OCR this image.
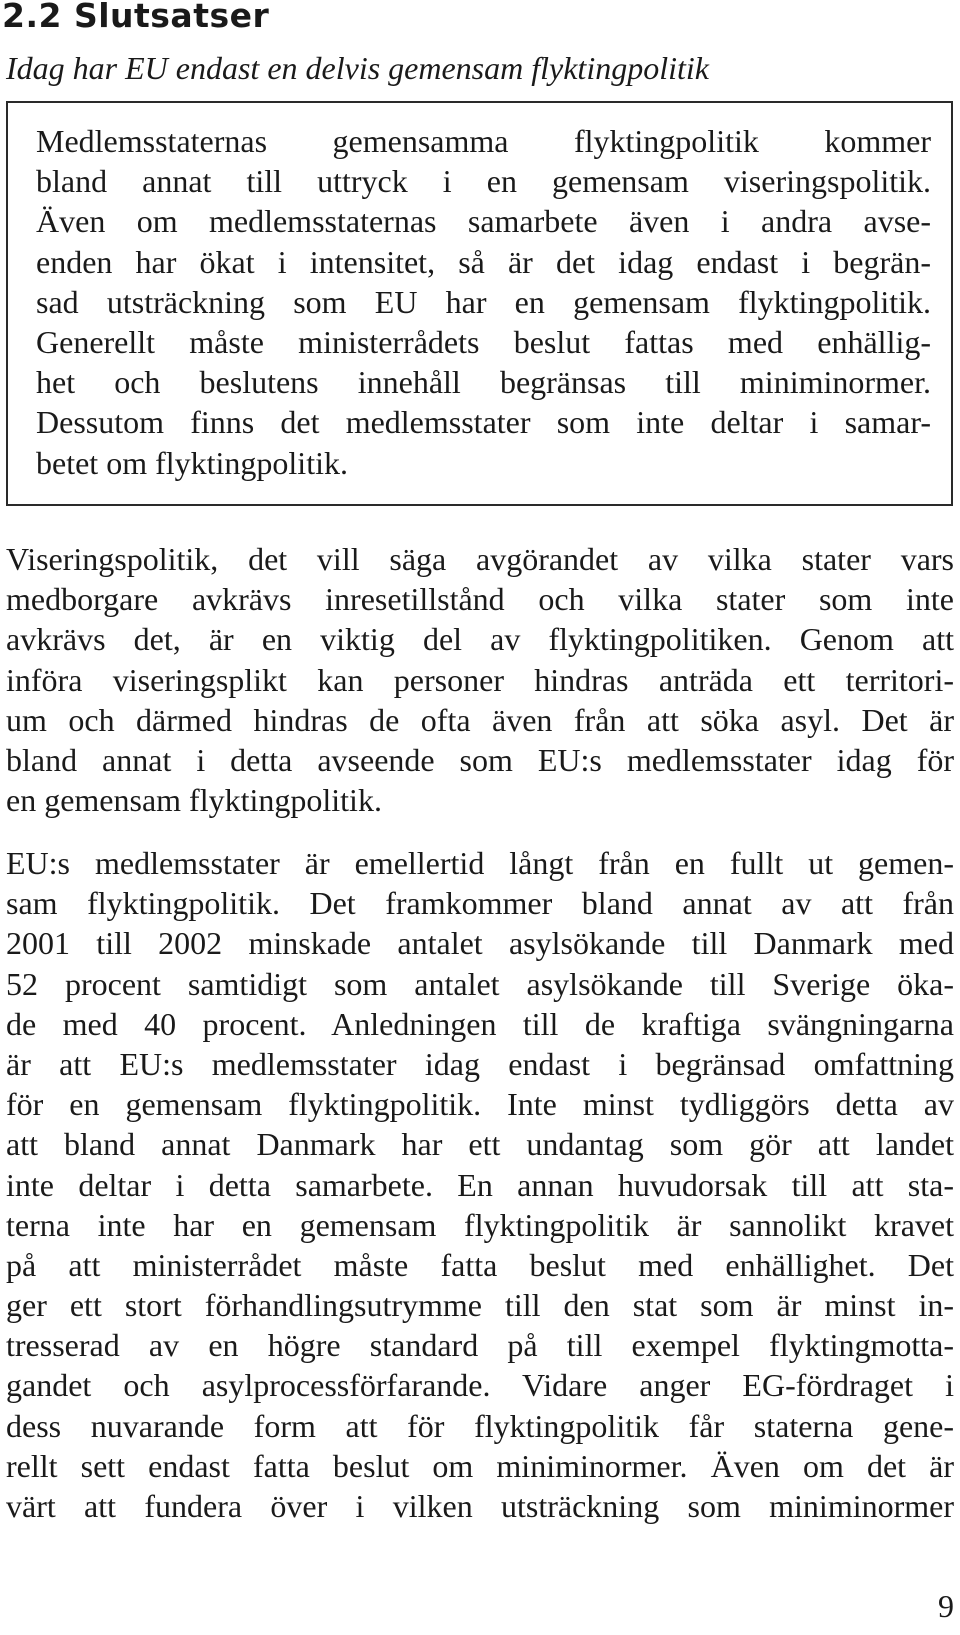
2.2 Slutsatser
Idag har EU endast en delvis gemensam flyktingpolitik
Medlemsstaternas gemensamma flyktingpolitik kommer
bland annat till uttryck i en gemensam viseringspolitik.
Även om medlemsstaternas samarbete även i andra avse-
enden har ökat i intensitet, så är det idag endast i begrän-
sad utsträckning som EU har en gemensam flyktingpolitik.
Generellt måste ministerrådets beslut fattas med enhällig-
het och beslutens innehåll begränsas till miniminormer.
Dessutom finns det medlemsstater som inte deltar i samar-
betet om flyktingpolitik.
Viseringspolitik, det vill säga avgörandet av vilka stater vars
medborgare avkrävs inresetillstånd och vilka stater som inte
avkrävs det, är en viktig del av flyktingpolitiken. Genom att
införa viseringsplikt kan personer hindras anträda ett territori-
um och därmed hindras de ofta även från att söka asyl. Det är
bland annat i detta avseende som EU:s medlemsstater idag för
en gemensam flyktingpolitik.
EU:s medlemsstater är emellertid långt från en fullt ut gemen-
sam flyktingpolitik. Det framkommer bland annat av att från
2001 till 2002 minskade antalet asylsökande till Danmark med
52 procent samtidigt som antalet asylsökande till Sverige öka-
de med 40 procent. Anledningen till de kraftiga svängningarna
är att EU:s medlemsstater idag endast i begränsad omfattning
för en gemensam flyktingpolitik. Inte minst tydliggörs detta av
att bland annat Danmark har ett undantag som gör att landet
inte deltar i detta samarbete. En annan huvudorsak till att sta-
terna inte har en gemensam flyktingpolitik är sannolikt kravet
på att ministerrådet måste fatta beslut med enhällighet. Det
ger ett stort förhandlingsutrymme till den stat som är minst in-
tresserad av en högre standard på till exempel flyktingmotta-
gandet och asylprocessförfarande. Vidare anger EG-fördraget i
dess nuvarande form att för flyktingpolitik får staterna gene-
rellt sett endast fatta beslut om miniminormer. Även om det är
värt att fundera över i vilken utsträckning som miniminormer
9
